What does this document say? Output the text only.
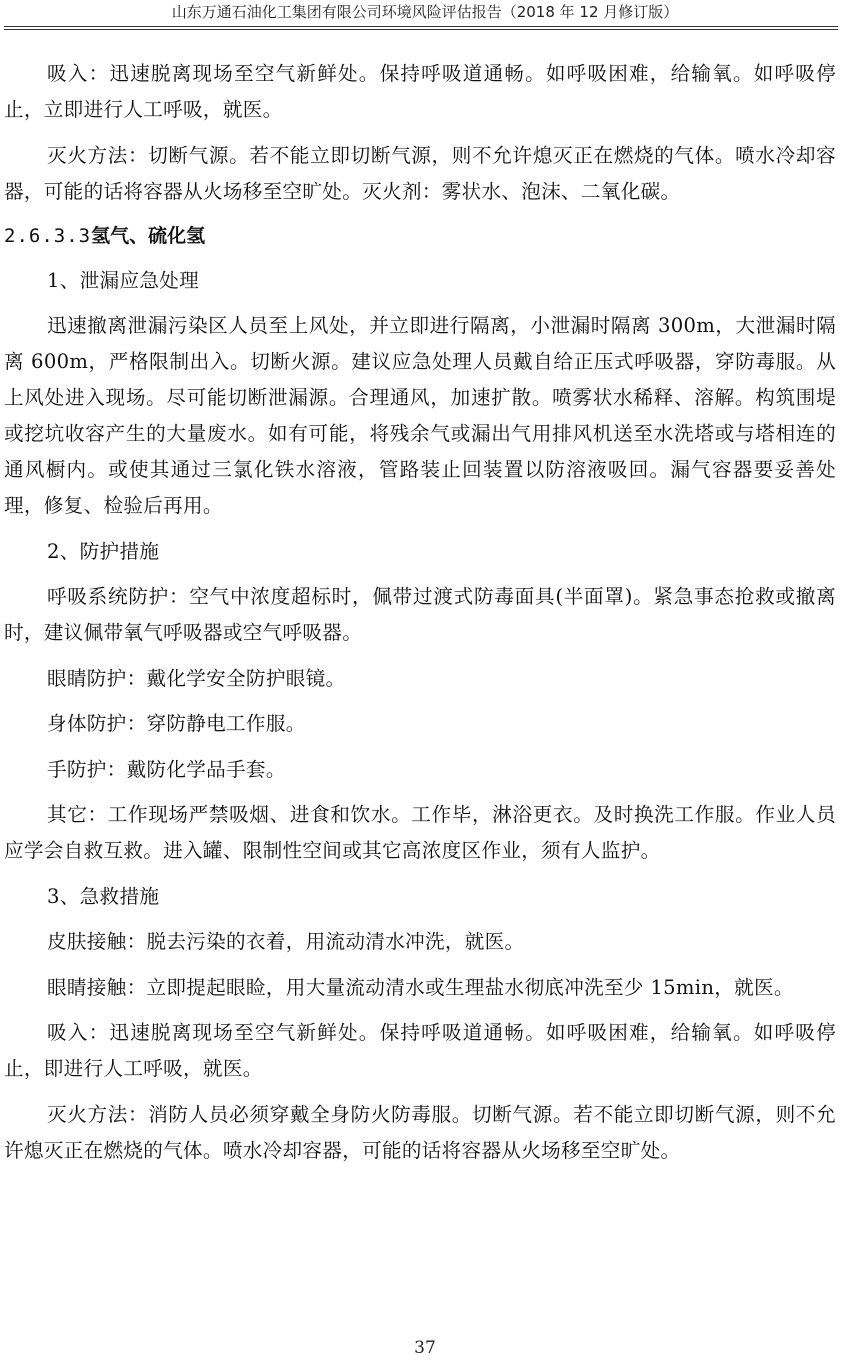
山东万通石油化工集团有限公司环境风险评估报告（2018 年 12 月修订版）

吸入：迅速脱离现场至空气新鲜处。保持呼吸道通畅。如呼吸困难，给输氧。如呼吸停止，立即进行人工呼吸，就医。

灭火方法：切断气源。若不能立即切断气源，则不允许熄灭正在燃烧的气体。喷水冷却容器，可能的话将容器从火场移至空旷处。灭火剂：雾状水、泡沫、二氧化碳。

2.6.3.3氢气、硫化氢

1、泄漏应急处理

迅速撤离泄漏污染区人员至上风处，并立即进行隔离，小泄漏时隔离 300m，大泄漏时隔离 600m，严格限制出入。切断火源。建议应急处理人员戴自给正压式呼吸器，穿防毒服。从上风处进入现场。尽可能切断泄漏源。合理通风，加速扩散。喷雾状水稀释、溶解。构筑围堤或挖坑收容产生的大量废水。如有可能，将残余气或漏出气用排风机送至水洗塔或与塔相连的通风橱内。或使其通过三氯化铁水溶液，管路装止回装置以防溶液吸回。漏气容器要妥善处理，修复、检验后再用。

2、防护措施

呼吸系统防护：空气中浓度超标时，佩带过渡式防毒面具(半面罩)。紧急事态抢救或撤离时，建议佩带氧气呼吸器或空气呼吸器。

眼睛防护：戴化学安全防护眼镜。

身体防护：穿防静电工作服。

手防护：戴防化学品手套。

其它：工作现场严禁吸烟、进食和饮水。工作毕，淋浴更衣。及时换洗工作服。作业人员应学会自救互救。进入罐、限制性空间或其它高浓度区作业，须有人监护。

3、急救措施

皮肤接触：脱去污染的衣着，用流动清水冲洗，就医。

眼睛接触：立即提起眼睑，用大量流动清水或生理盐水彻底冲洗至少 15min，就医。

吸入：迅速脱离现场至空气新鲜处。保持呼吸道通畅。如呼吸困难，给输氧。如呼吸停止，即进行人工呼吸，就医。

灭火方法：消防人员必须穿戴全身防火防毒服。切断气源。若不能立即切断气源，则不允许熄灭正在燃烧的气体。喷水冷却容器，可能的话将容器从火场移至空旷处。

37
